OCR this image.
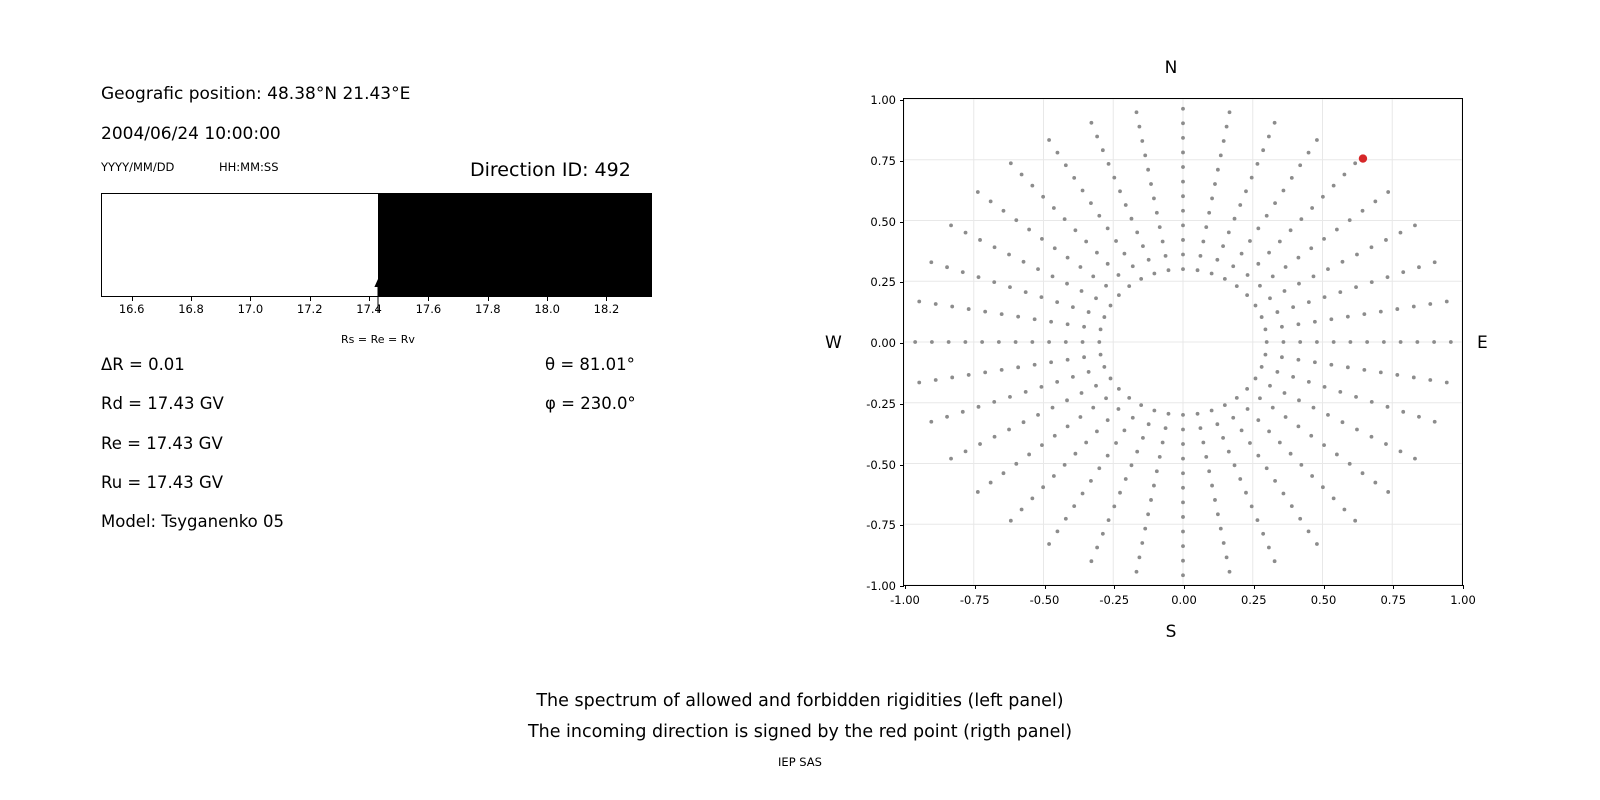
Geografic position: 48.38°N 21.43°E
2004/06/24 10:00:00
YYYY/MM/DD	HH:MM:SS	Direction ID: 492
Rs = Re = Rv
16.6	16.8	17.0	17.2	17.4	17.6	17.8	18.0	18.2
ΔR = 0.01
Rd = 17.43 GV
Re = 17.43 GV
Ru = 17.43 GV
Model: Tsyganenko 05
θ = 81.01°
φ = 230.0°
N
S
W	E
-1.00
-0.75
-0.50
-0.25
0.00
0.25
0.50
0.75
1.00
-1.00	-0.75	-0.50	-0.25	0.00	0.25	0.50	0.75	1.00
The spectrum of allowed and forbidden rigidities (left panel)
The incoming direction is signed by the red point (rigth panel)
IEP SAS
